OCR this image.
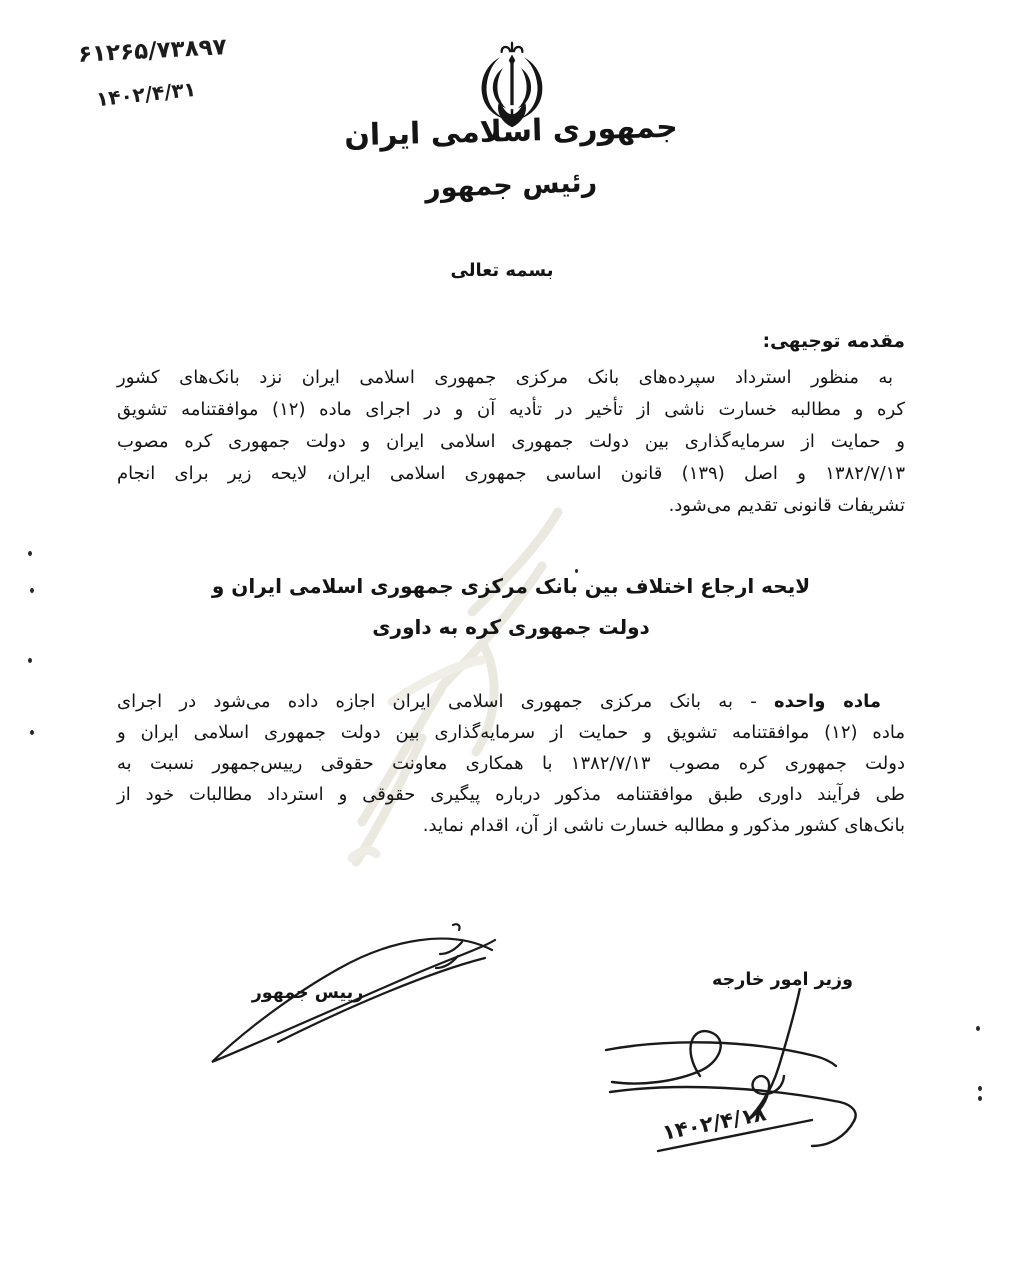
۶۱۲۶۵/۷۳۸۹۷
۱۴۰۲/۴/۳۱
جمهوری اسلامی ایران
رئیس جمهور
بسمه تعالی
مقدمه توجیهی:
به منظور استرداد سپرده‌های بانک مرکزی جمهوری اسلامی ایران نزد بانک‌های کشور
کره و مطالبه خسارت ناشی از تأخیر در تأدیه آن و در اجرای ماده (۱۲) موافقتنامه تشویق
و حمایت از سرمایه‌گذاری بین دولت جمهوری اسلامی ایران و دولت جمهوری کره مصوب
۱۳۸۲/۷/۱۳ و اصل (۱۳۹) قانون اساسی جمهوری اسلامی ایران، لایحه زیر برای انجام
تشریفات قانونی تقدیم می‌شود.
لایحه ارجاع اختلاف بین بانک مرکزی جمهوری اسلامی ایران و
دولت جمهوری کره به داوری
ماده واحده - به بانک مرکزی جمهوری اسلامی ایران اجازه داده می‌شود در اجرای
ماده (۱۲) موافقتنامه تشویق و حمایت از سرمایه‌گذاری بین دولت جمهوری اسلامی ایران و
دولت جمهوری کره مصوب ۱۳۸۲/۷/۱۳ با همکاری معاونت حقوقی رییس‌جمهور نسبت به
طی فرآیند داوری طبق موافقتنامه مذکور درباره پیگیری حقوقی و استرداد مطالبات خود از
بانک‌های کشور مذکور و مطالبه خسارت ناشی از آن، اقدام نماید.
وزیر امور خارجه
۱۴۰۲/۴/۱۸
رییس جمهور
